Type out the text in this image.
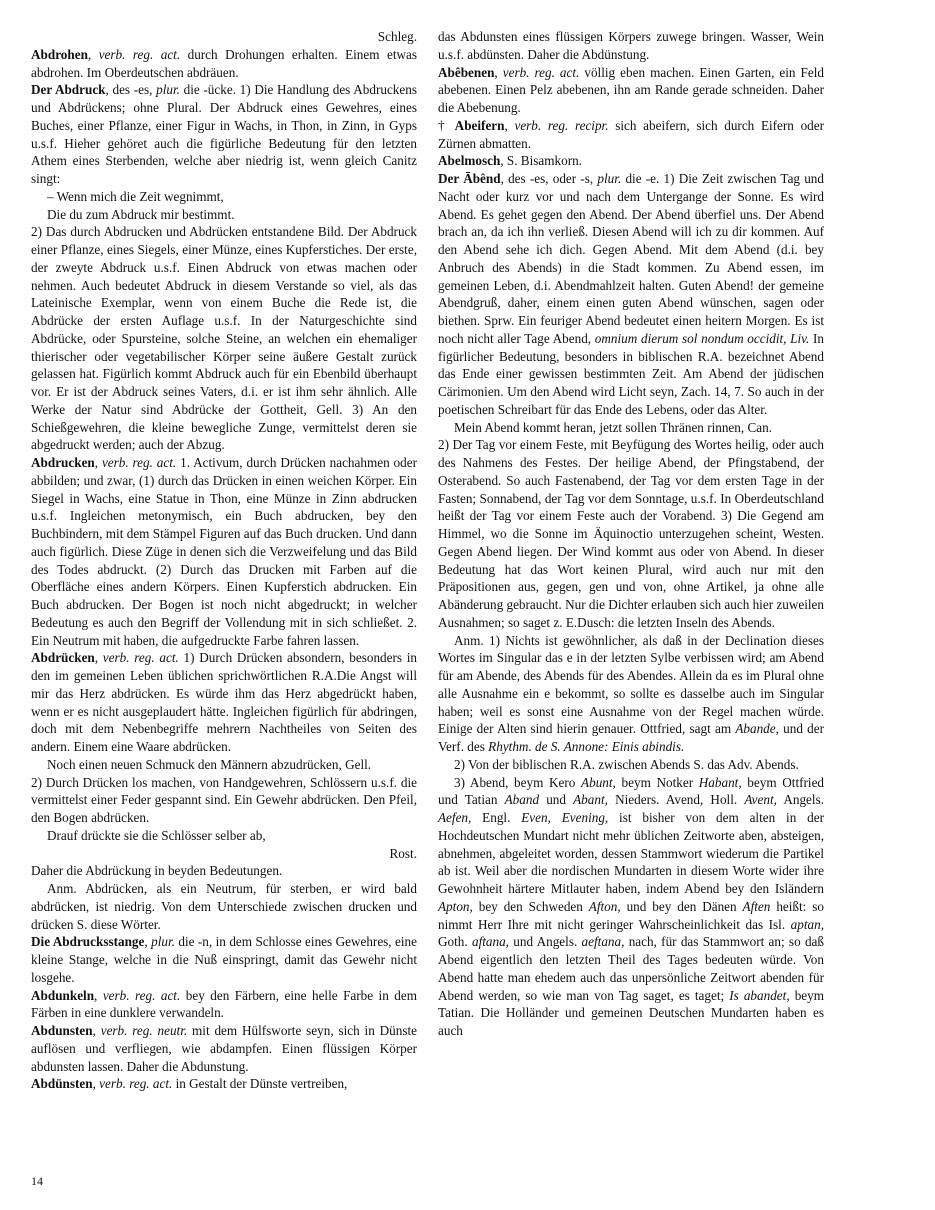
Schleg.

Abdrohen, verb. reg. act. durch Drohungen erhalten. Einem etwas abdrohen. Im Oberdeutschen abdräuen.

Der Abdruck, des -es, plur. die -ücke. 1) Die Handlung des Abdruckens und Abdrückens; ohne Plural. Der Abdruck eines Gewehres, eines Buches, einer Pflanze, einer Figur in Wachs, in Thon, in Zinn, in Gyps u.s.f. Hieher gehöret auch die figürliche Bedeutung für den letzten Athem eines Sterbenden, welche aber niedrig ist, wenn gleich Canitz singt:

– Wenn mich die Zeit wegnimmt,

Die du zum Abdruck mir bestimmt.

2) Das durch Abdrucken und Abdrücken entstandene Bild. Der Abdruck einer Pflanze, eines Siegels, einer Münze, eines Kupferstiches. Der erste, der zweyte Abdruck u.s.f. Einen Abdruck von etwas machen oder nehmen. Auch bedeutet Abdruck in diesem Verstande so viel, als das Lateinische Exemplar, wenn von einem Buche die Rede ist, die Abdrücke der ersten Auflage u.s.f. In der Naturgeschichte sind Abdrücke, oder Spursteine, solche Steine, an welchen ein ehemaliger thierischer oder vegetabilischer Körper seine äußere Gestalt zurück gelassen hat. Figürlich kommt Abdruck auch für ein Ebenbild überhaupt vor. Er ist der Abdruck seines Vaters, d.i. er ist ihm sehr ähnlich. Alle Werke der Natur sind Abdrücke der Gottheit, Gell. 3) An den Schießgewehren, die kleine bewegliche Zunge, vermittelst deren sie abgedruckt werden; auch der Abzug.

Abdrucken, verb. reg. act. 1. Activum, durch Drücken nachahmen oder abbilden; und zwar, (1) durch das Drücken in einen weichen Körper. Ein Siegel in Wachs, eine Statue in Thon, eine Münze in Zinn abdrucken u.s.f. Ingleichen metonymisch, ein Buch abdrucken, bey den Buchbindern, mit dem Stämpel Figuren auf das Buch drucken. Und dann auch figürlich. Diese Züge in denen sich die Verzweifelung und das Bild des Todes abdruckt. (2) Durch das Drucken mit Farben auf die Oberfläche eines andern Körpers. Einen Kupferstich abdrucken. Ein Buch abdrucken. Der Bogen ist noch nicht abgedruckt; in welcher Bedeutung es auch den Begriff der Vollendung mit in sich schließet. 2. Ein Neutrum mit haben, die aufgedruckte Farbe fahren lassen.

Abdrücken, verb. reg. act. 1) Durch Drücken absondern, besonders in den im gemeinen Leben üblichen sprichwörtlichen R.A.Die Angst will mir das Herz abdrücken. Es würde ihm das Herz abgedrückt haben, wenn er es nicht ausgeplaudert hätte. Ingleichen figürlich für abdringen, doch mit dem Nebenbegriffe mehrern Nachtheiles von Seiten des andern. Einem eine Waare abdrücken.

Noch einen neuen Schmuck den Männern abzudrücken, Gell.

2) Durch Drücken los machen, von Handgewehren, Schlössern u.s.f. die vermittelst einer Feder gespannt sind. Ein Gewehr abdrücken. Den Pfeil, den Bogen abdrücken.

Drauf drückte sie die Schlösser selber ab,

Rost.

Daher die Abdrückung in beyden Bedeutungen.

Anm. Abdrücken, als ein Neutrum, für sterben, er wird bald abdrücken, ist niedrig. Von dem Unterschiede zwischen drucken und drücken S. diese Wörter.

Die Abdrucksstange, plur. die -n, in dem Schlosse eines Gewehres, eine kleine Stange, welche in die Nuß einspringt, damit das Gewehr nicht losgehe.

Abdunkeln, verb. reg. act. bey den Färbern, eine helle Farbe in dem Färben in eine dunklere verwandeln.

Abdunsten, verb. reg. neutr. mit dem Hülfsworte seyn, sich in Dünste auflösen und verfliegen, wie abdampfen. Einen flüssigen Körper abdunsten lassen. Daher die Abdunstung.

Abdünsten, verb. reg. act. in Gestalt der Dünste vertreiben,

das Abdunsten eines flüssigen Körpers zuwege bringen. Wasser, Wein u.s.f. abdünsten. Daher die Abdünstung.

Abêbenen, verb. reg. act. völlig eben machen. Einen Garten, ein Feld abebenen. Einen Pelz abebenen, ihn am Rande gerade schneiden. Daher die Abebenung.

† Abeifern, verb. reg. recipr. sich abeifern, sich durch Eifern oder Zürnen abmatten.

Abelmosch, S. Bisamkorn.

Der Ābênd, des -es, oder -s, plur. die -e. 1) Die Zeit zwischen Tag und Nacht oder kurz vor und nach dem Untergange der Sonne. Es wird Abend. Es gehet gegen den Abend. Der Abend überfiel uns. Der Abend brach an, da ich ihn verließ. Diesen Abend will ich zu dir kommen. Auf den Abend sehe ich dich. Gegen Abend. Mit dem Abend (d.i. bey Anbruch des Abends) in die Stadt kommen. Zu Abend essen, im gemeinen Leben, d.i. Abendmahlzeit halten. Guten Abend! der gemeine Abendgruß, daher, einem einen guten Abend wünschen, sagen oder biethen. Sprw. Ein feuriger Abend bedeutet einen heitern Morgen. Es ist noch nicht aller Tage Abend, omnium dierum sol nondum occidit, Liv. In figürlicher Bedeutung, besonders in biblischen R.A. bezeichnet Abend das Ende einer gewissen bestimmten Zeit. Am Abend der jüdischen Cärimonien. Um den Abend wird Licht seyn, Zach. 14, 7. So auch in der poetischen Schreibart für das Ende des Lebens, oder das Alter.

Mein Abend kommt heran, jetzt sollen Thränen rinnen, Can.

2) Der Tag vor einem Feste, mit Beyfügung des Wortes heilig, oder auch des Nahmens des Festes. Der heilige Abend, der Pfingstabend, der Osterabend. So auch Fastenabend, der Tag vor dem ersten Tage in der Fasten; Sonnabend, der Tag vor dem Sonntage, u.s.f. In Oberdeutschland heißt der Tag vor einem Feste auch der Vorabend. 3) Die Gegend am Himmel, wo die Sonne im Äquinoctio unterzugehen scheint, Westen. Gegen Abend liegen. Der Wind kommt aus oder von Abend. In dieser Bedeutung hat das Wort keinen Plural, wird auch nur mit den Präpositionen aus, gegen, gen und von, ohne Artikel, ja ohne alle Abänderung gebraucht. Nur die Dichter erlauben sich auch hier zuweilen Ausnahmen; so saget z. E.Dusch: die letzten Inseln des Abends.

Anm. 1) Nichts ist gewöhnlicher, als daß in der Declination dieses Wortes im Singular das e in der letzten Sylbe verbissen wird; am Abend für am Abende, des Abends für des Abendes. Allein da es im Plural ohne alle Ausnahme ein e bekommt, so sollte es dasselbe auch im Singular haben; weil es sonst eine Ausnahme von der Regel machen würde. Einige der Alten sind hierin genauer. Ottfried, sagt am Abande, und der Verf. des Rhythm. de S. Annone: Einis abindis.

2) Von der biblischen R.A. zwischen Abends S. das Adv. Abends.

3) Abend, beym Kero Abunt, beym Notker Habant, beym Ottfried und Tatian Aband und Abant, Nieders. Avend, Holl. Avent, Angels. Aefen, Engl. Even, Evening, ist bisher von dem alten in der Hochdeutschen Mundart nicht mehr üblichen Zeitworte aben, absteigen, abnehmen, abgeleitet worden, dessen Stammwort wiederum die Partikel ab ist. Weil aber die nordischen Mundarten in diesem Worte wider ihre Gewohnheit härtere Mitlauter haben, indem Abend bey den Isländern Apton, bey den Schweden Afton, und bey den Dänen Aften heißt: so nimmt Herr Ihre mit nicht geringer Wahrscheinlichkeit das Isl. aptan, Goth. aftana, und Angels. aeftana, nach, für das Stammwort an; so daß Abend eigentlich den letzten Theil des Tages bedeuten würde. Von Abend hatte man ehedem auch das unpersönliche Zeitwort abenden für Abend werden, so wie man von Tag saget, es taget; Is abandet, beym Tatian. Die Holländer und gemeinen Deutschen Mundarten haben es auch

14
